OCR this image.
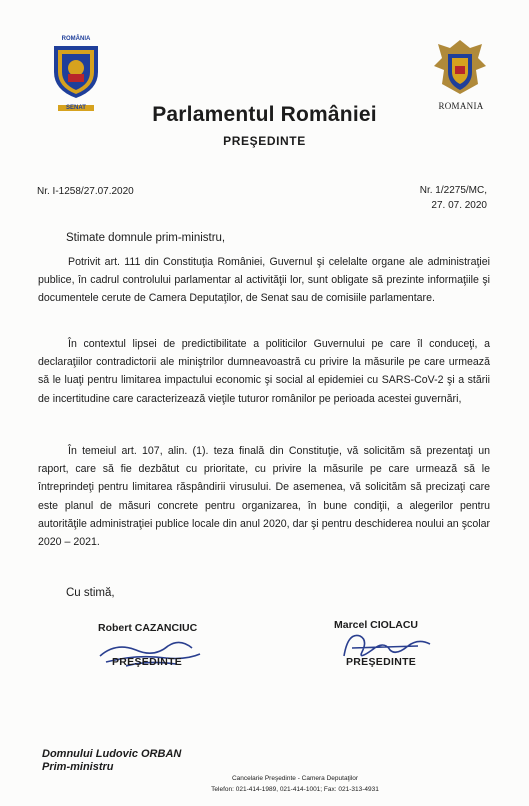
ROMÂNIA
SENAT	ROMANIA
Parlamentul României
PREŞEDINTE
Nr. I-1258/27.07.2020	Nr. 1/2275/MC,
27. 07. 2020
Stimate domnule prim-ministru,

Potrivit art. 111 din Constituţia României, Guvernul şi celelalte organe ale administraţiei publice, în cadrul controlului parlamentar al activităţii lor, sunt obligate să prezinte informaţiile şi documentele cerute de Camera Deputaţilor, de Senat sau de comisiile parlamentare.

În contextul lipsei de predictibilitate a politicilor Guvernului pe care îl conduceţi, a declaraţiilor contradictorii ale miniştrilor dumneavoastră cu privire la măsurile pe care urmează să le luaţi pentru limitarea impactului economic şi social al epidemiei cu SARS-CoV-2 şi a stării de incertitudine care caracterizează vieţile tuturor românilor pe perioada acestei guvernări,

În temeiul art. 107, alin. (1). teza finală din Constituţie, vă solicităm să prezentaţi un raport, care să fie dezbătut cu prioritate, cu privire la măsurile pe care urmează să le întreprindeţi pentru limitarea răspândirii virusului. De asemenea, vă solicităm să precizaţi care este planul de măsuri concrete pentru organizarea, în bune condiţii, a alegerilor pentru autorităţile administraţiei publice locale din anul 2020, dar şi pentru deschiderea noului an şcolar 2020 – 2021.

Cu stimă,
Robert CAZANCIUC
PREŞEDINTE
Marcel CIOLACU
PREŞEDINTE
Domnului Ludovic ORBAN
Prim-ministru
Cancelarie Preşedinte - Camera Deputaţilor
Telefon: 021-414-1989, 021-414-1001; Fax: 021-313-4931
